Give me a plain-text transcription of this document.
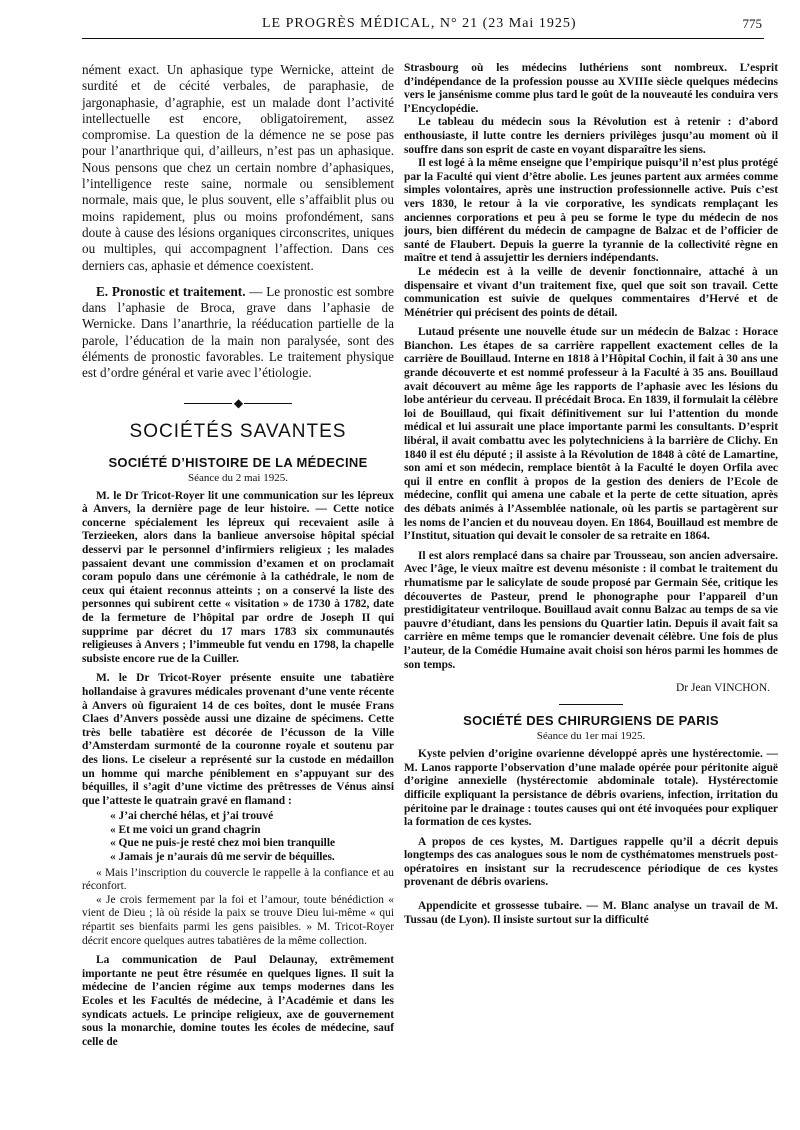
LE PROGRÈS MÉDICAL, N° 21 (23 Mai 1925)	775

nément exact. Un aphasique type Wernicke, atteint de surdité et de cécité verbales, de paraphasie, de jargonaphasie, d’agraphie, est un malade dont l’activité intellectuelle est encore, obligatoirement, assez compromise. La question de la démence ne se pose pas pour l’anarthrique qui, d’ailleurs, n’est pas un aphasique. Nous pensons que chez un certain nombre d’aphasiques, l’intelligence reste saine, normale ou sensiblement normale, mais que, le plus souvent, elle s’affaiblit plus ou moins rapidement, plus ou moins profondément, sans doute à cause des lésions organiques circonscrites, uniques ou multiples, qui accompagnent l’affection. Dans ces derniers cas, aphasie et démence coexistent.

E. Pronostic et traitement. — Le pronostic est sombre dans l’aphasie de Broca, grave dans l’aphasie de Wernicke. Dans l’anarthrie, la rééducation partielle de la parole, l’éducation de la main non paralysée, sont des éléments de pronostic favorables. Le traitement physique est d’ordre général et varie avec l’étiologie.

◆
SOCIÉTÉS SAVANTES
SOCIÉTÉ D’HISTOIRE DE LA MÉDECINE
Séance du 2 mai 1925.

M. le Dr Tricot-Royer lit une communication sur les lépreux à Anvers, la dernière page de leur histoire. — Cette notice concerne spécialement les lépreux qui recevaient asile à Terzieeken, alors dans la banlieue anversoise hôpital spécial desservi par le personnel d’infirmiers religieux ; les malades passaient devant une commission d’examen et on proclamait coram populo dans une cérémonie à la cathédrale, le nom de ceux qui étaient reconnus atteints ; on a conservé la liste des personnes qui subirent cette « visitation » de 1730 à 1782, date de la fermeture de l’hôpital par ordre de Joseph II qui supprime par décret du 17 mars 1783 six communautés religieuses à Anvers ; l’immeuble fut vendu en 1798, la chapelle subsiste encore rue de la Cuiller.

M. le Dr Tricot-Royer présente ensuite une tabatière hollandaise à gravures médicales provenant d’une vente récente à Anvers où figuraient 14 de ces boîtes, dont le musée Frans Claes d’Anvers possède aussi une dizaine de spécimens. Cette très belle tabatière est décorée de l’écusson de la Ville d’Amsterdam surmonté de la couronne royale et soutenu par des lions. Le ciseleur a représenté sur la custode en médaillon un homme qui marche péniblement en s’appuyant sur des béquilles, il s’agit d’une victime des prêtresses de Vénus ainsi que l’atteste le quatrain gravé en flamand :

« J’ai cherché hélas, et j’ai trouvé
« Et me voici un grand chagrin
« Que ne puis-je resté chez moi bien tranquille
« Jamais je n’aurais dû me servir de béquilles.

« Mais l’inscription du couvercle le rappelle à la confiance et au réconfort.

« Je crois fermement par la foi et l’amour, toute bénédiction « vient de Dieu ; là où réside la paix se trouve Dieu lui-même « qui répartit ses bienfaits parmi les gens paisibles. » M. Tricot-Royer décrit encore quelques autres tabatières de la même collection.

La communication de Paul Delaunay, extrêmement importante ne peut être résumée en quelques lignes. Il suit la médecine de l’ancien régime aux temps modernes dans les Ecoles et les Facultés de médecine, à l’Académie et dans les syndicats actuels. Le principe religieux, axe de gouvernement sous la monarchie, domine toutes les écoles de médecine, sauf celle de

Strasbourg où les médecins luthériens sont nombreux. L’esprit d’indépendance de la profession pousse au XVIIIe siècle quelques médecins vers le jansénisme comme plus tard le goût de la nouveauté les conduira vers l’Encyclopédie.

Le tableau du médecin sous la Révolution est à retenir : d’abord enthousiaste, il lutte contre les derniers privilèges jusqu’au moment où il souffre dans son esprit de caste en voyant disparaître les siens.

Il est logé à la même enseigne que l’empirique puisqu’il n’est plus protégé par la Faculté qui vient d’être abolie. Les jeunes partent aux armées comme simples volontaires, après une instruction professionnelle active. Puis c’est vers 1830, le retour à la vie corporative, les syndicats remplaçant les anciennes corporations et peu à peu se forme le type du médecin de nos jours, bien différent du médecin de campagne de Balzac et de l’officier de santé de Flaubert. Depuis la guerre la tyrannie de la collectivité règne en maître et tend à assujettir les derniers indépendants.

Le médecin est à la veille de devenir fonctionnaire, attaché à un dispensaire et vivant d’un traitement fixe, quel que soit son travail. Cette communication est suivie de quelques commentaires d’Hervé et de Ménétrier qui précisent des points de détail.

Lutaud présente une nouvelle étude sur un médecin de Balzac : Horace Bianchon. Les étapes de sa carrière rappellent exactement celles de la carrière de Bouillaud. Interne en 1818 à l’Hôpital Cochin, il fait à 30 ans une grande découverte et est nommé professeur à la Faculté à 35 ans. Bouillaud avait découvert au même âge les rapports de l’aphasie avec les lésions du lobe antérieur du cerveau. Il précédait Broca. En 1839, il formulait la célèbre loi de Bouillaud, qui fixait définitivement sur lui l’attention du monde médical et lui assurait une place importante parmi les consultants. D’esprit libéral, il avait combattu avec les polytechniciens à la barrière de Clichy. En 1840 il est élu député ; il assiste à la Révolution de 1848 à côté de Lamartine, son ami et son médecin, remplace bientôt à la Faculté le doyen Orfila avec qui il entre en conflit à propos de la gestion des deniers de l’Ecole de médecine, conflit qui amena une cabale et la perte de cette situation, après des débats animés à l’Assemblée nationale, où les partis se partagèrent sur les noms de l’ancien et du nouveau doyen. En 1864, Bouillaud est membre de l’Institut, situation qui devait le consoler de sa retraite en 1864.

Il est alors remplacé dans sa chaire par Trousseau, son ancien adversaire. Avec l’âge, le vieux maître est devenu mésoniste : il combat le traitement du rhumatisme par le salicylate de soude proposé par Germain Sée, critique les découvertes de Pasteur, prend le phonographe pour l’appareil d’un prestidigitateur ventriloque. Bouillaud avait connu Balzac au temps de sa vie pauvre d’étudiant, dans les pensions du Quartier latin. Depuis il avait fait sa carrière en même temps que le romancier devenait célèbre. Une fois de plus l’auteur, de la Comédie Humaine avait choisi son héros parmi les hommes de son temps.

Dr Jean VINCHON.
SOCIÉTÉ DES CHIRURGIENS DE PARIS
Séance du 1er mai 1925.

Kyste pelvien d’origine ovarienne développé après une hystérectomie. — M. Lanos rapporte l’observation d’une malade opérée pour péritonite aiguë d’origine annexielle (hystérectomie abdominale totale). Hystérectomie difficile expliquant la persistance de débris ovariens, infection, irritation du péritoine par le drainage : toutes causes qui ont été invoquées pour expliquer la formation de ces kystes.

A propos de ces kystes, M. Dartigues rappelle qu’il a décrit depuis longtemps des cas analogues sous le nom de cysthématomes menstruels post-opératoires en insistant sur la recrudescence périodique de ces kystes provenant de débris ovariens.

Appendicite et grossesse tubaire. — M. Blanc analyse un travail de M. Tussau (de Lyon). Il insiste surtout sur la difficulté
